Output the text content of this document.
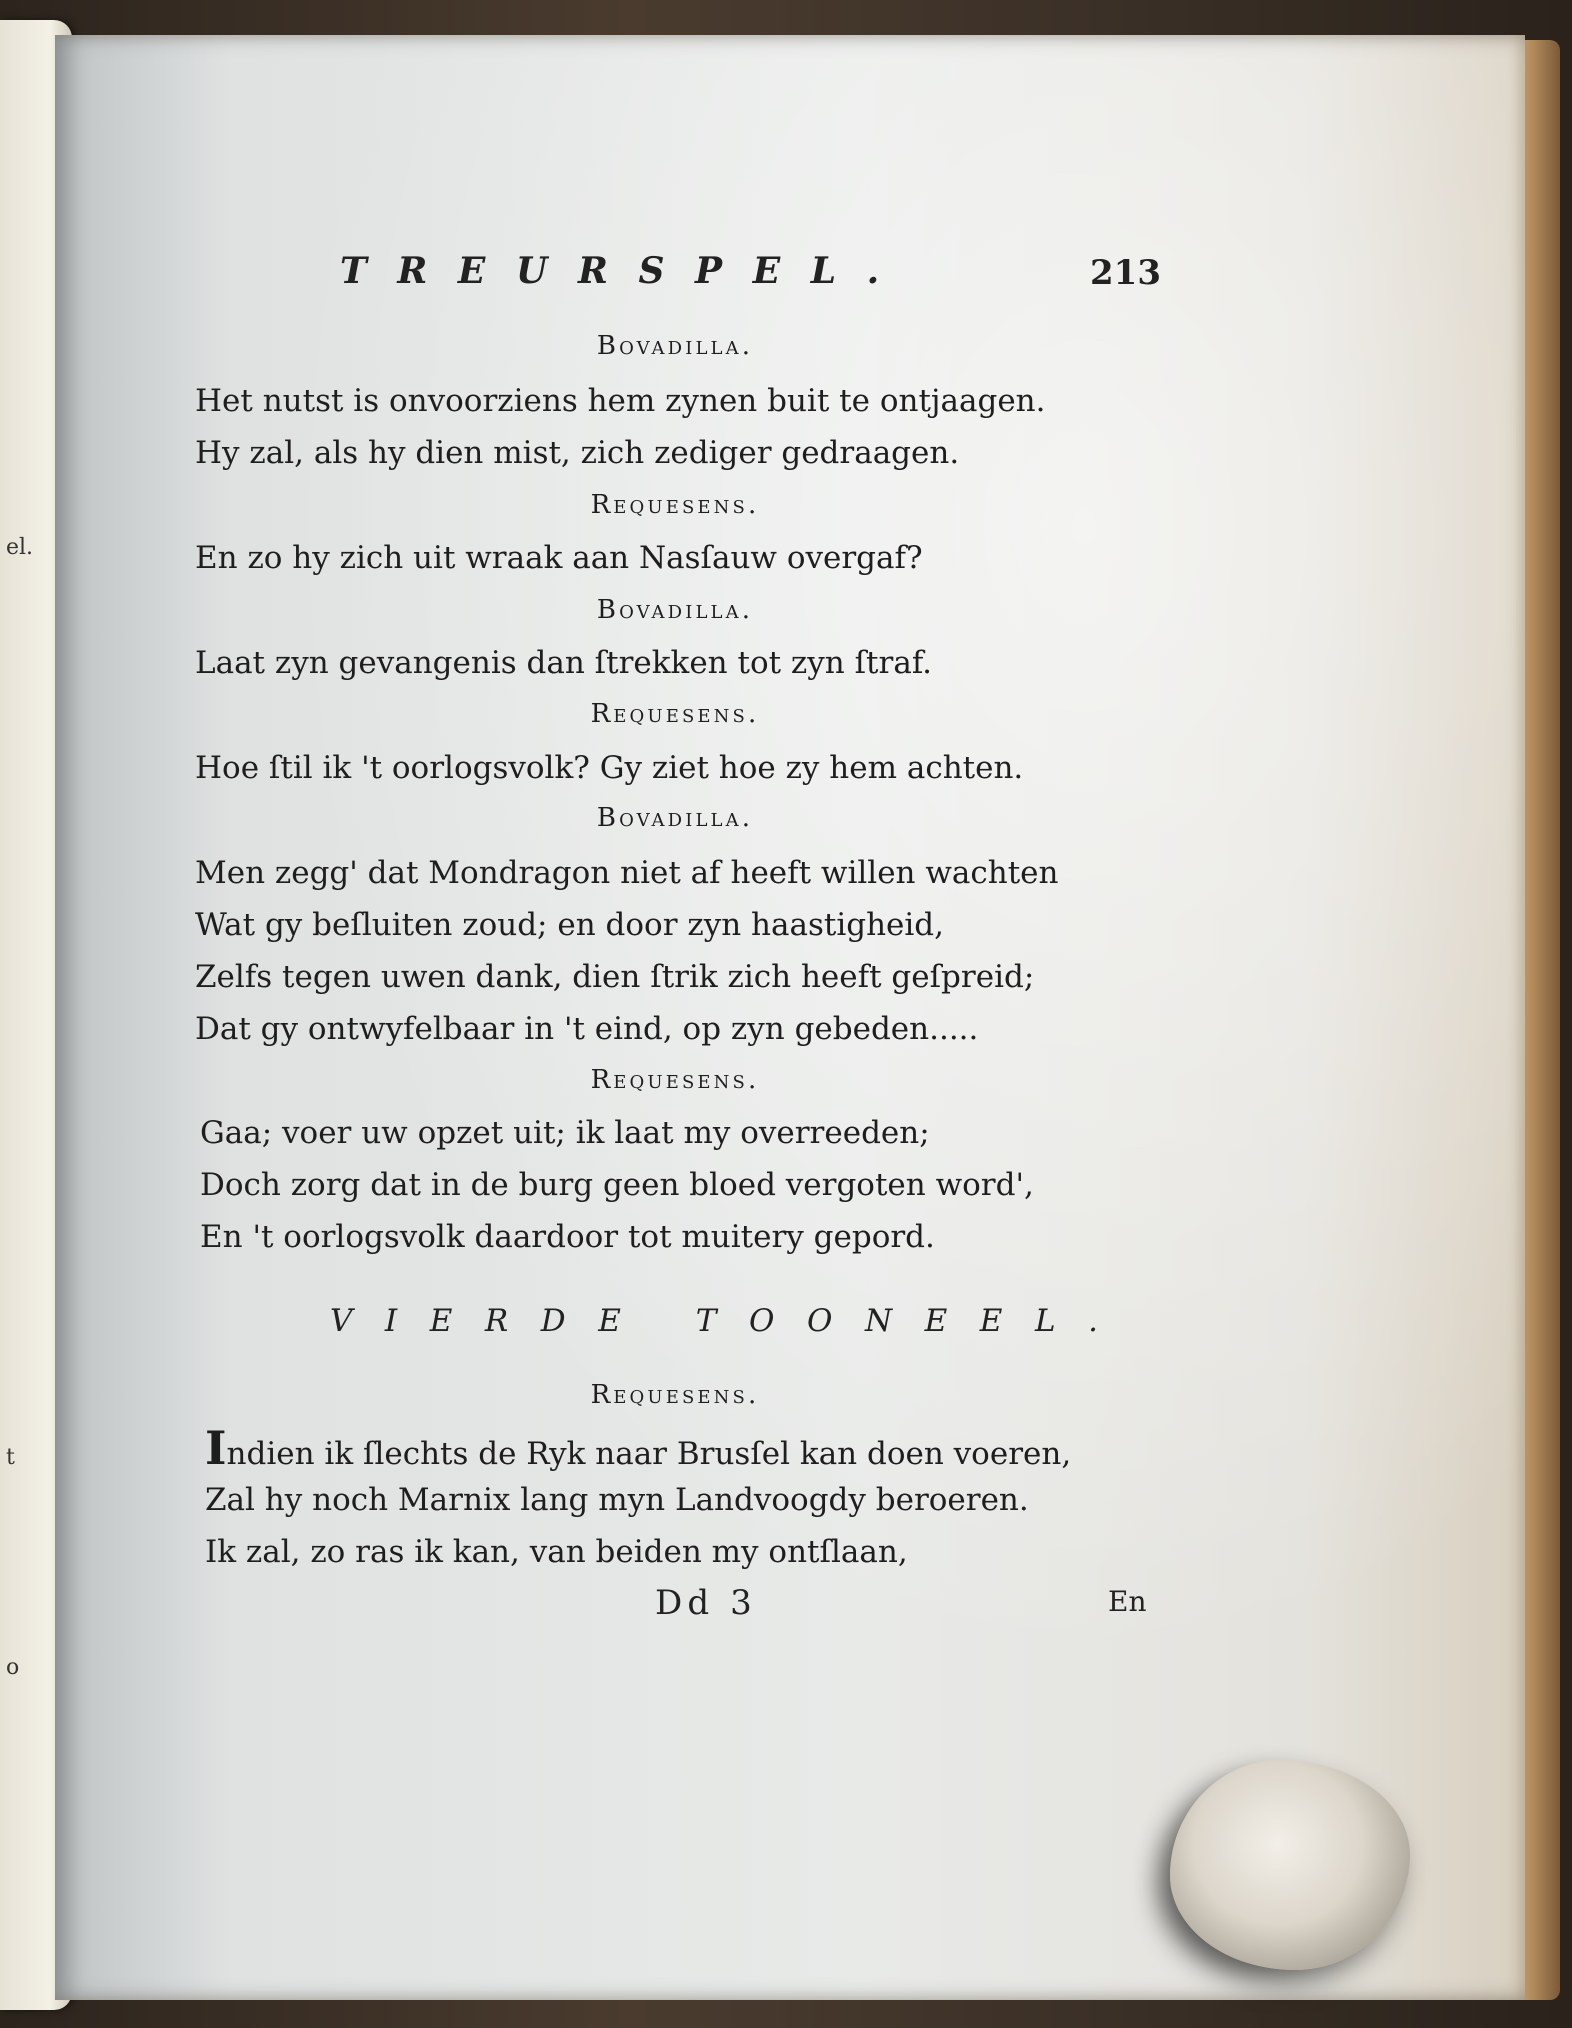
el.
t
o
TREURSPEL.	213
Bovadilla.
Het nutst is onvoorziens hem zynen buit te ontjaagen.
Hy zal, als hy dien mist, zich zediger gedraagen.
Requesens.
En zo hy zich uit wraak aan Nasſauw overgaf?
Bovadilla.
Laat zyn gevangenis dan ſtrekken tot zyn ſtraf.
Requesens.
Hoe ſtil ik 't oorlogsvolk? Gy ziet hoe zy hem achten.
Bovadilla.
Men zegg' dat Mondragon niet af heeft willen wachten
Wat gy beſluiten zoud; en door zyn haastigheid,
Zelfs tegen uwen dank, dien ſtrik zich heeft geſpreid;
Dat gy ontwyfelbaar in 't eind, op zyn gebeden.....
Requesens.
Gaa; voer uw opzet uit; ik laat my overreeden;
Doch zorg dat in de burg geen bloed vergoten word',
En 't oorlogsvolk daardoor tot muitery gepord.
VIERDE TOONEEL.
Requesens.
Indien ik ſlechts de Ryk naar Brusſel kan doen voeren,
Zal hy noch Marnix lang myn Landvoogdy beroeren.
Ik zal, zo ras ik kan, van beiden my ontſlaan,
Dd 3	En
